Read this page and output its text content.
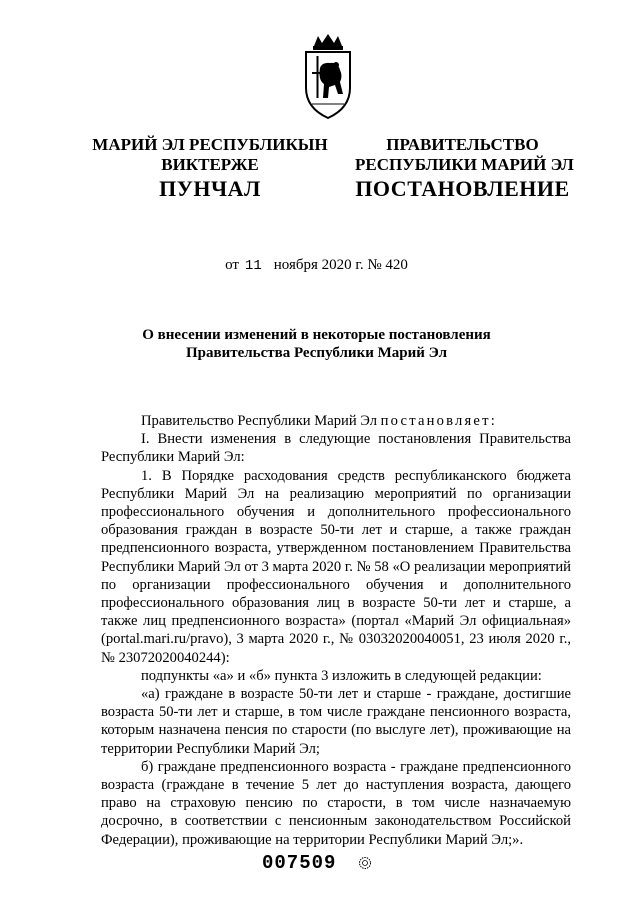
МАРИЙ ЭЛ РЕСПУБЛИКЫН
ВИКТЕРЖЕ
ПУНЧАЛ
ПРАВИТЕЛЬСТВО
РЕСПУБЛИКИ МАРИЙ ЭЛ
ПОСТАНОВЛЕНИЕ
от 11 ноября 2020 г. № 420
О внесении изменений в некоторые постановления
Правительства Республики Марий Эл

Правительство Республики Марий Эл постановляет:

I. Внести изменения в следующие постановления Правительства Республики Марий Эл:

1. В Порядке расходования средств республиканского бюджета Республики Марий Эл на реализацию мероприятий по организации профессионального обучения и дополнительного профессионального образования граждан в возрасте 50-ти лет и старше, а также граждан предпенсионного возраста, утвержденном постановлением Правительства Республики Марий Эл от 3 марта 2020 г. № 58 «О реализации мероприятий по организации профессионального обучения и дополнительного профессионального образования лиц в возрасте 50-ти лет и старше, а также лиц предпенсионного возраста» (портал «Марий Эл официальная» (portal.mari.ru/pravo), 3 марта 2020 г., № 03032020040051, 23 июля 2020 г., № 23072020040244):

подпункты «а» и «б» пункта 3 изложить в следующей редакции:

«а) граждане в возрасте 50-ти лет и старше - граждане, достигшие возраста 50-ти лет и старше, в том числе граждане пенсионного возраста, которым назначена пенсия по старости (по выслуге лет), проживающие на территории Республики Марий Эл;

б) граждане предпенсионного возраста - граждане предпенсионного возраста (граждане в течение 5 лет до наступления возраста, дающего право на страховую пенсию по старости, в том числе назначаемую досрочно, в соответствии с пенсионным законодательством Российской Федерации), проживающие на территории Республики Марий Эл;».

007509
